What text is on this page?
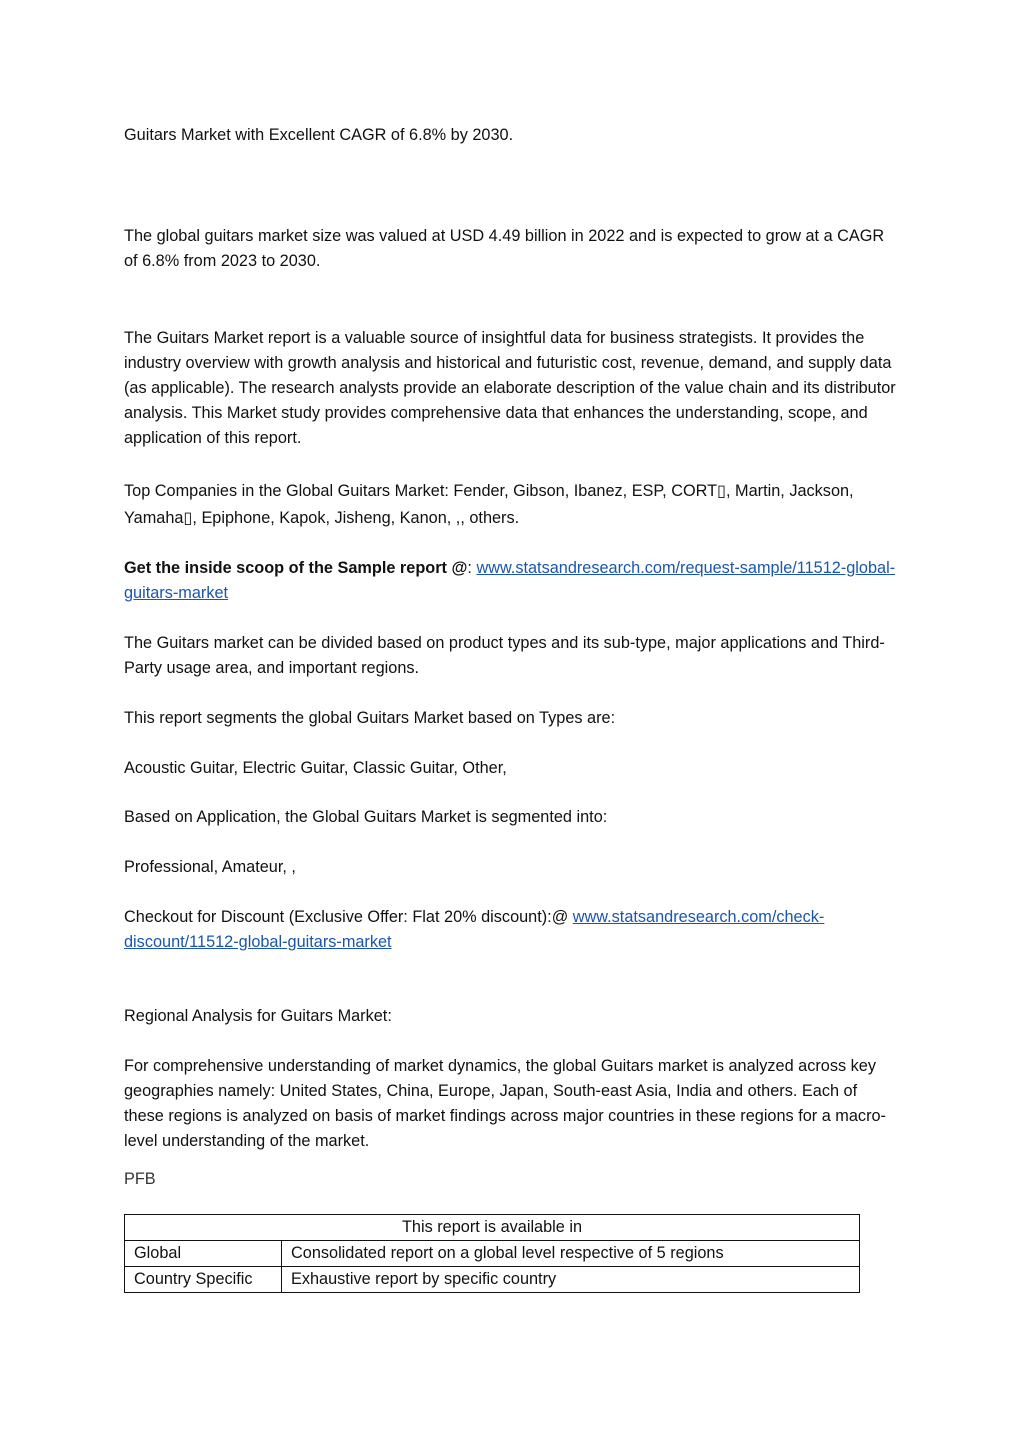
Guitars Market with Excellent CAGR of 6.8% by 2030.

The global guitars market size was valued at USD 4.49 billion in 2022 and is expected to grow at a CAGR of 6.8% from 2023 to 2030.

The Guitars Market report is a valuable source of insightful data for business strategists. It provides the industry overview with growth analysis and historical and futuristic cost, revenue, demand, and supply data (as applicable). The research analysts provide an elaborate description of the value chain and its distributor analysis. This Market study provides comprehensive data that enhances the understanding, scope, and application of this report.

Top Companies in the Global Guitars Market: Fender, Gibson, Ibanez, ESP, CORT▯, Martin, Jackson, Yamaha▯, Epiphone, Kapok, Jisheng, Kanon, ,, others.

Get the inside scoop of the Sample report @: www.statsandresearch.com/request-sample/11512-global-guitars-market

The Guitars market can be divided based on product types and its sub-type, major applications and Third-Party usage area, and important regions.

This report segments the global Guitars Market based on Types are:

Acoustic Guitar, Electric Guitar, Classic Guitar, Other,

Based on Application, the Global Guitars Market is segmented into:

Professional, Amateur, ,

Checkout for Discount (Exclusive Offer: Flat 20% discount):@ www.statsandresearch.com/check-discount/11512-global-guitars-market

Regional Analysis for Guitars Market:

For comprehensive understanding of market dynamics, the global Guitars market is analyzed across key geographies namely: United States, China, Europe, Japan, South-east Asia, India and others. Each of these regions is analyzed on basis of market findings across major countries in these regions for a macro-level understanding of the market.

PFB

This report is available in	
Global	Consolidated report on a global level respective of 5 regions
Country Specific	Exhaustive report by specific country
